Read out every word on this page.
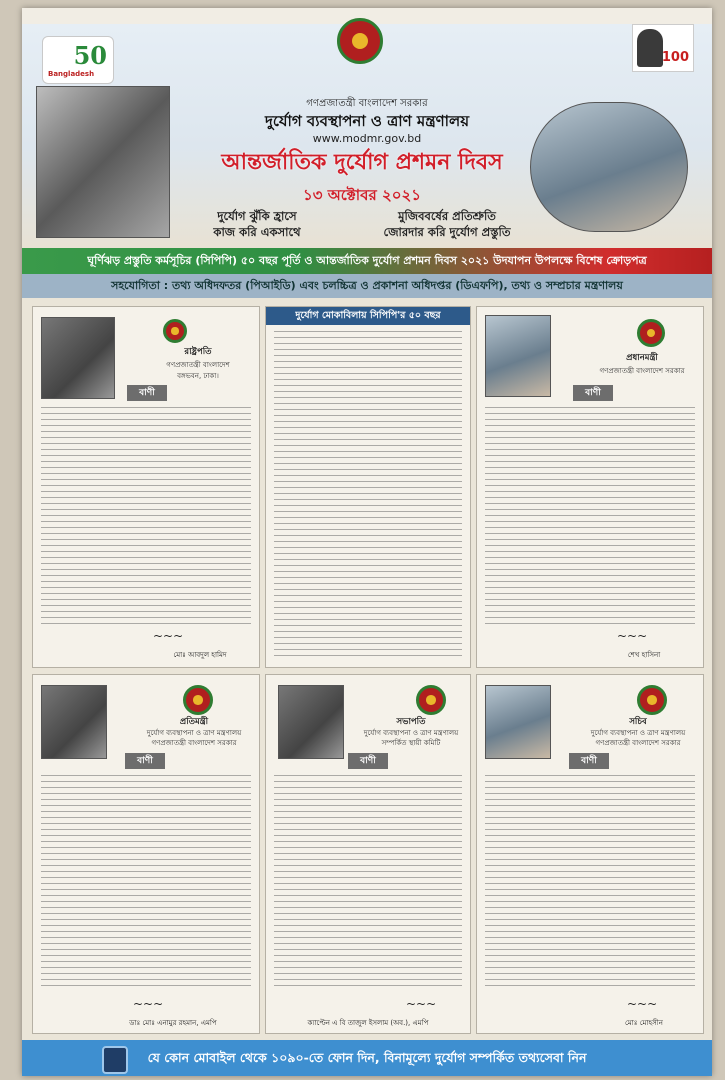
50
Bangladesh
100
গণপ্রজাতন্ত্রী বাংলাদেশ সরকার
দুর্যোগ ব্যবস্থাপনা ও ত্রাণ মন্ত্রণালয়
www.modmr.gov.bd
আন্তর্জাতিক দুর্যোগ প্রশমন দিবস
১৩ অক্টোবর ২০২১
দুর্যোগ ঝুঁকি হ্রাসে
কাজ করি একসাথে
মুজিববর্ষের প্রতিশ্রুতি
জোরদার করি দুর্যোগ প্রস্তুতি
ঘূর্ণিঝড় প্রস্তুতি কর্মসূচির (সিপিপি) ৫০ বছর পূর্তি ও আন্তর্জাতিক দুর্যোগ প্রশমন দিবস ২০২১ উদযাপন উপলক্ষে বিশেষ ক্রোড়পত্র
সহযোগিতা : তথ্য অধিদফতর (পিআইডি) এবং চলচ্চিত্র ও প্রকাশনা অধিদপ্তর (ডিএফপি), তথ্য ও সম্প্রচার মন্ত্রণালয়
রাষ্ট্রপতি
গণপ্রজাতন্ত্রী বাংলাদেশ
বঙ্গভবন, ঢাকা।
বাণী
~~~
মোঃ আবদুল হামিদ
দুর্যোগ মোকাবিলায় সিপিপি'র ৫০ বছর
প্রধানমন্ত্রী
গণপ্রজাতন্ত্রী বাংলাদেশ সরকার
বাণী
~~~
শেখ হাসিনা
প্রতিমন্ত্রী
দুর্যোগ ব্যবস্থাপনা ও ত্রাণ মন্ত্রণালয়
গণপ্রজাতন্ত্রী বাংলাদেশ সরকার
বাণী
~~~
ডাঃ মোঃ এনামুর রহমান, এমপি
সভাপতি
দুর্যোগ ব্যবস্থাপনা ও ত্রাণ মন্ত্রণালয়
সম্পর্কিত স্থায়ী কমিটি
বাণী
~~~
ক্যাপ্টেন এ বি তাজুল ইসলাম (অব.), এমপি
সচিব
দুর্যোগ ব্যবস্থাপনা ও ত্রাণ মন্ত্রণালয়
গণপ্রজাতন্ত্রী বাংলাদেশ সরকার
বাণী
~~~
মোঃ মোহসীন
যে কোন মোবাইল থেকে ১০৯০-তে ফোন দিন, বিনামূল্যে দুর্যোগ সম্পর্কিত তথ্যসেবা নিন
